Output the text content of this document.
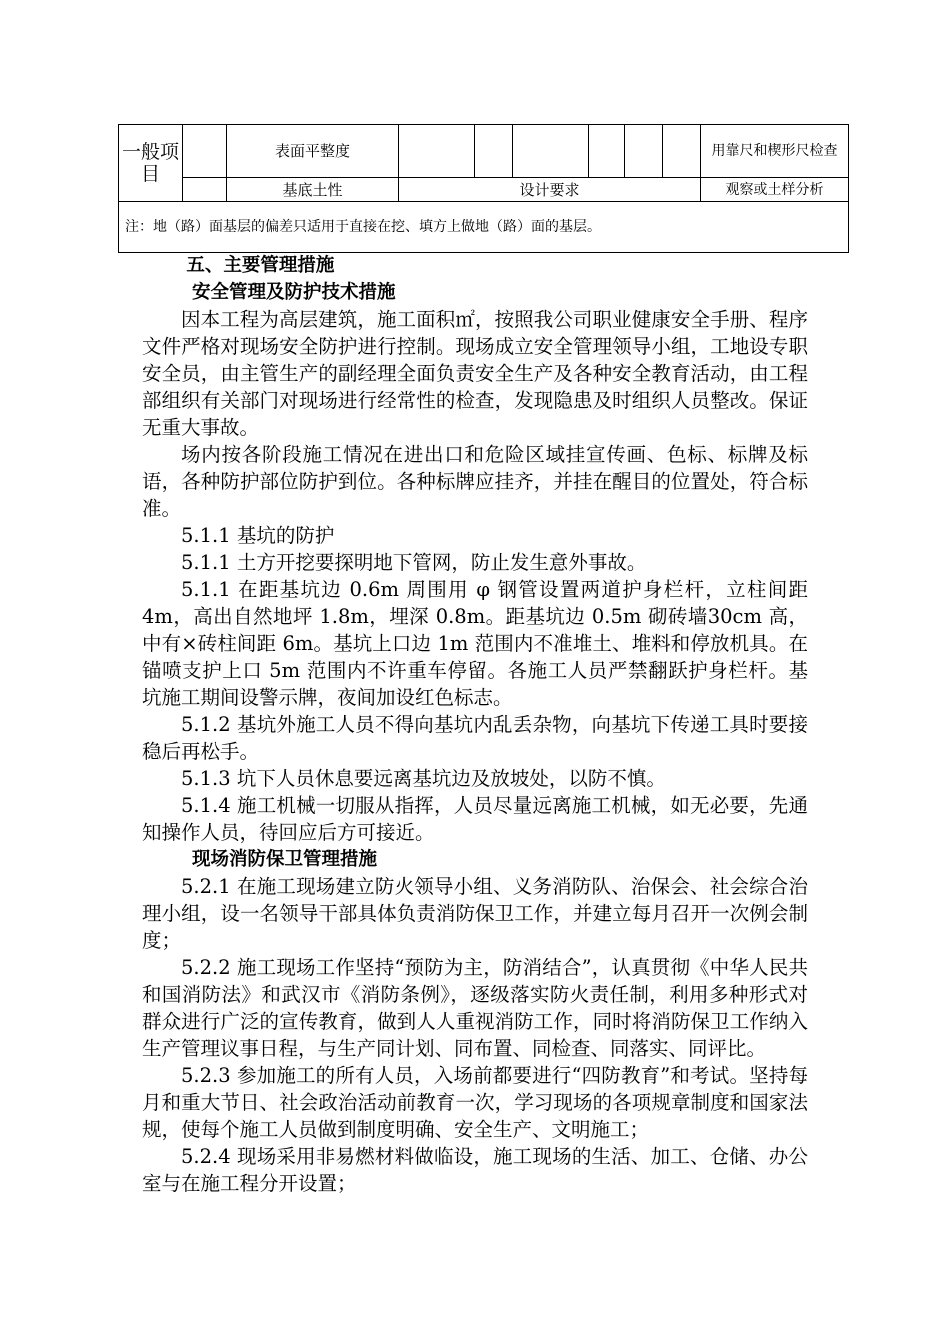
一般项目		表面平整度							用靠尺和楔形尺检查
		基底土性	设计要求						观察或土样分析
注：地（路）面基层的偏差只适用于直接在挖、填方上做地（路）面的基层。									

五、主要管理措施

安全管理及防护技术措施

因本工程为高层建筑，施工面积㎡，按照我公司职业健康安全手册、程序文件严格对现场安全防护进行控制。现场成立安全管理领导小组，工地设专职安全员，由主管生产的副经理全面负责安全生产及各种安全教育活动，由工程部组织有关部门对现场进行经常性的检查，发现隐患及时组织人员整改。保证无重大事故。

场内按各阶段施工情况在进出口和危险区域挂宣传画、色标、标牌及标语，各种防护部位防护到位。各种标牌应挂齐，并挂在醒目的位置处，符合标准。

5.1.1 基坑的防护

5.1.1 土方开挖要探明地下管网，防止发生意外事故。

5.1.1 在距基坑边 0.6m 周围用 φ 钢管设置两道护身栏杆，立柱间距 4m，高出自然地坪 1.8m，埋深 0.8m。距基坑边 0.5m 砌砖墙30cm 高，中有×砖柱间距 6m。基坑上口边 1m 范围内不准堆土、堆料和停放机具。在锚喷支护上口 5m 范围内不许重车停留。各施工人员严禁翻跃护身栏杆。基坑施工期间设警示牌，夜间加设红色标志。

5.1.2 基坑外施工人员不得向基坑内乱丢杂物，向基坑下传递工具时要接稳后再松手。

5.1.3 坑下人员休息要远离基坑边及放坡处，以防不慎。

5.1.4 施工机械一切服从指挥，人员尽量远离施工机械，如无必要，先通知操作人员，待回应后方可接近。

现场消防保卫管理措施

5.2.1 在施工现场建立防火领导小组、义务消防队、治保会、社会综合治理小组，设一名领导干部具体负责消防保卫工作，并建立每月召开一次例会制度；

5.2.2 施工现场工作坚持“预防为主，防消结合”，认真贯彻《中华人民共和国消防法》和武汉市《消防条例》，逐级落实防火责任制，利用多种形式对群众进行广泛的宣传教育，做到人人重视消防工作，同时将消防保卫工作纳入生产管理议事日程，与生产同计划、同布置、同检查、同落实、同评比。

5.2.3 参加施工的所有人员，入场前都要进行“四防教育”和考试。坚持每月和重大节日、社会政治活动前教育一次，学习现场的各项规章制度和国家法规，使每个施工人员做到制度明确、安全生产、文明施工；

5.2.4 现场采用非易燃材料做临设，施工现场的生活、加工、仓储、办公室与在施工程分开设置；
